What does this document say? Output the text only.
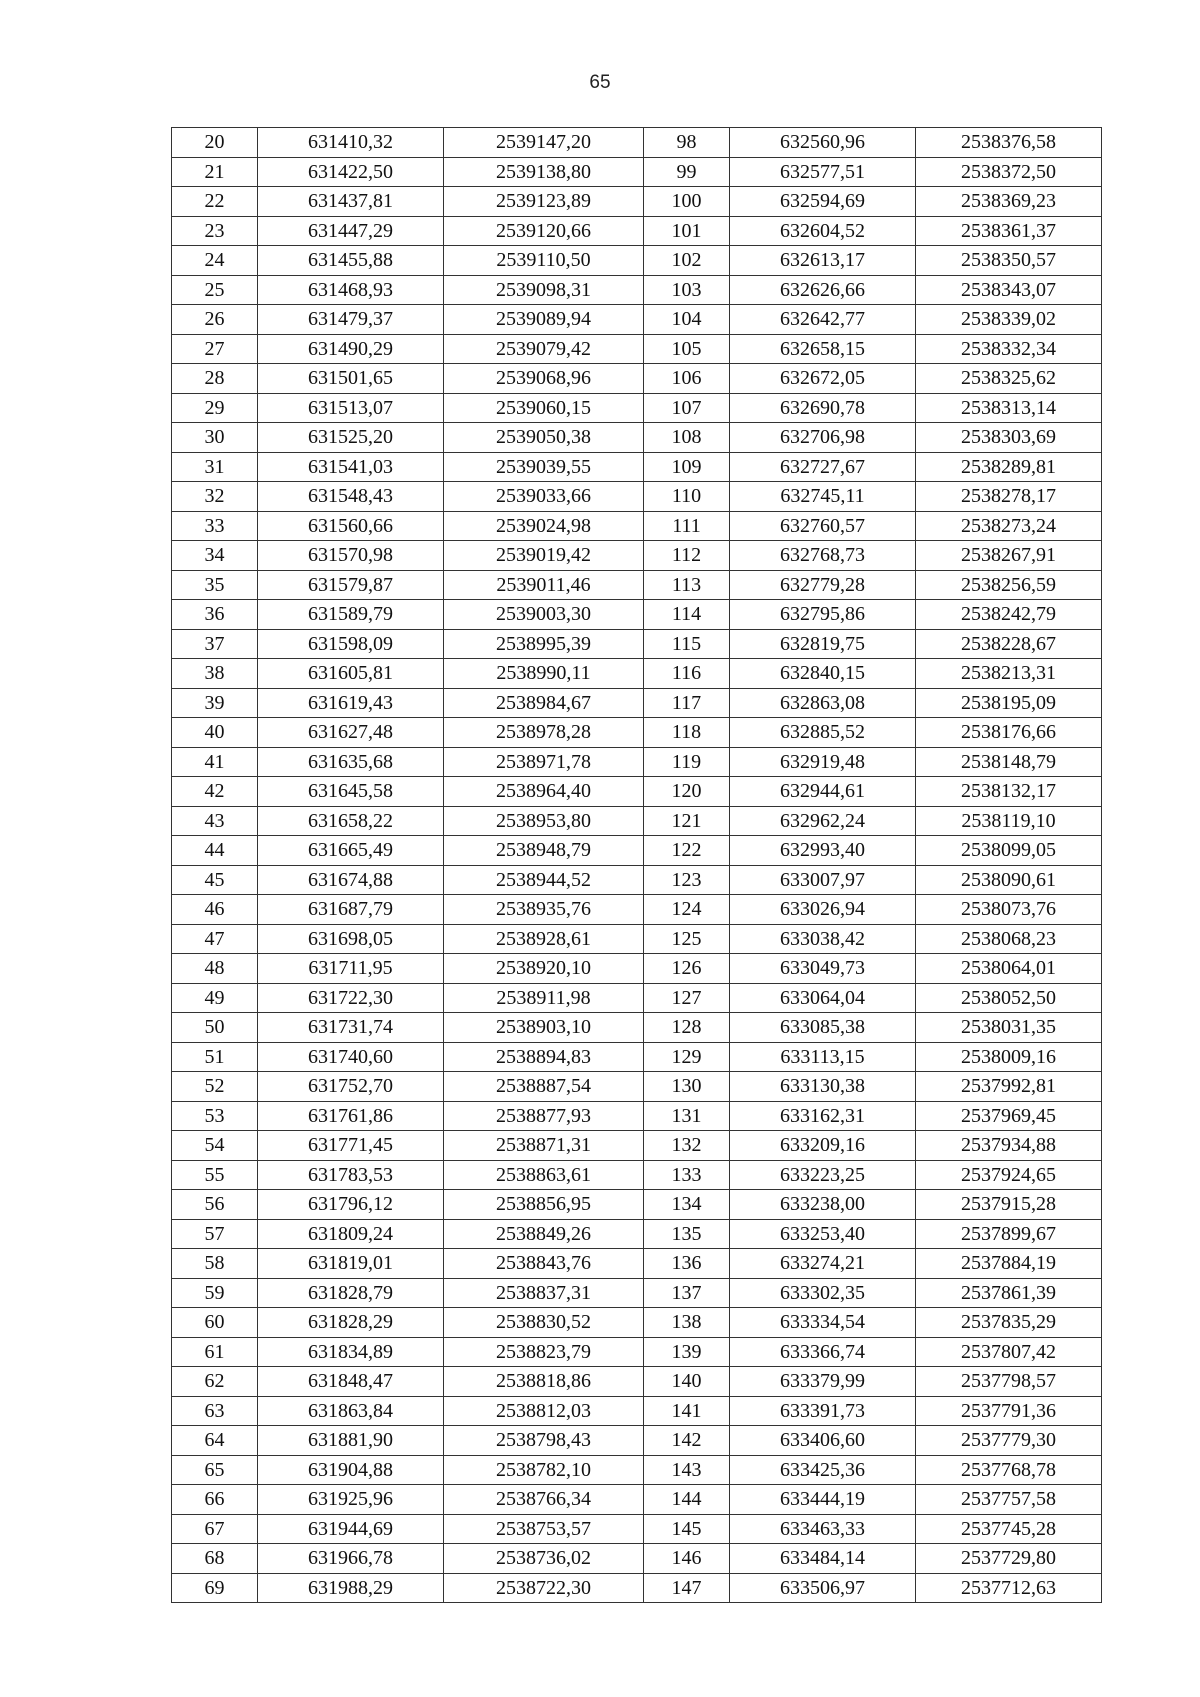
65
20	631410,32	2539147,20	98	632560,96	2538376,58
21	631422,50	2539138,80	99	632577,51	2538372,50
22	631437,81	2539123,89	100	632594,69	2538369,23
23	631447,29	2539120,66	101	632604,52	2538361,37
24	631455,88	2539110,50	102	632613,17	2538350,57
25	631468,93	2539098,31	103	632626,66	2538343,07
26	631479,37	2539089,94	104	632642,77	2538339,02
27	631490,29	2539079,42	105	632658,15	2538332,34
28	631501,65	2539068,96	106	632672,05	2538325,62
29	631513,07	2539060,15	107	632690,78	2538313,14
30	631525,20	2539050,38	108	632706,98	2538303,69
31	631541,03	2539039,55	109	632727,67	2538289,81
32	631548,43	2539033,66	110	632745,11	2538278,17
33	631560,66	2539024,98	111	632760,57	2538273,24
34	631570,98	2539019,42	112	632768,73	2538267,91
35	631579,87	2539011,46	113	632779,28	2538256,59
36	631589,79	2539003,30	114	632795,86	2538242,79
37	631598,09	2538995,39	115	632819,75	2538228,67
38	631605,81	2538990,11	116	632840,15	2538213,31
39	631619,43	2538984,67	117	632863,08	2538195,09
40	631627,48	2538978,28	118	632885,52	2538176,66
41	631635,68	2538971,78	119	632919,48	2538148,79
42	631645,58	2538964,40	120	632944,61	2538132,17
43	631658,22	2538953,80	121	632962,24	2538119,10
44	631665,49	2538948,79	122	632993,40	2538099,05
45	631674,88	2538944,52	123	633007,97	2538090,61
46	631687,79	2538935,76	124	633026,94	2538073,76
47	631698,05	2538928,61	125	633038,42	2538068,23
48	631711,95	2538920,10	126	633049,73	2538064,01
49	631722,30	2538911,98	127	633064,04	2538052,50
50	631731,74	2538903,10	128	633085,38	2538031,35
51	631740,60	2538894,83	129	633113,15	2538009,16
52	631752,70	2538887,54	130	633130,38	2537992,81
53	631761,86	2538877,93	131	633162,31	2537969,45
54	631771,45	2538871,31	132	633209,16	2537934,88
55	631783,53	2538863,61	133	633223,25	2537924,65
56	631796,12	2538856,95	134	633238,00	2537915,28
57	631809,24	2538849,26	135	633253,40	2537899,67
58	631819,01	2538843,76	136	633274,21	2537884,19
59	631828,79	2538837,31	137	633302,35	2537861,39
60	631828,29	2538830,52	138	633334,54	2537835,29
61	631834,89	2538823,79	139	633366,74	2537807,42
62	631848,47	2538818,86	140	633379,99	2537798,57
63	631863,84	2538812,03	141	633391,73	2537791,36
64	631881,90	2538798,43	142	633406,60	2537779,30
65	631904,88	2538782,10	143	633425,36	2537768,78
66	631925,96	2538766,34	144	633444,19	2537757,58
67	631944,69	2538753,57	145	633463,33	2537745,28
68	631966,78	2538736,02	146	633484,14	2537729,80
69	631988,29	2538722,30	147	633506,97	2537712,63
